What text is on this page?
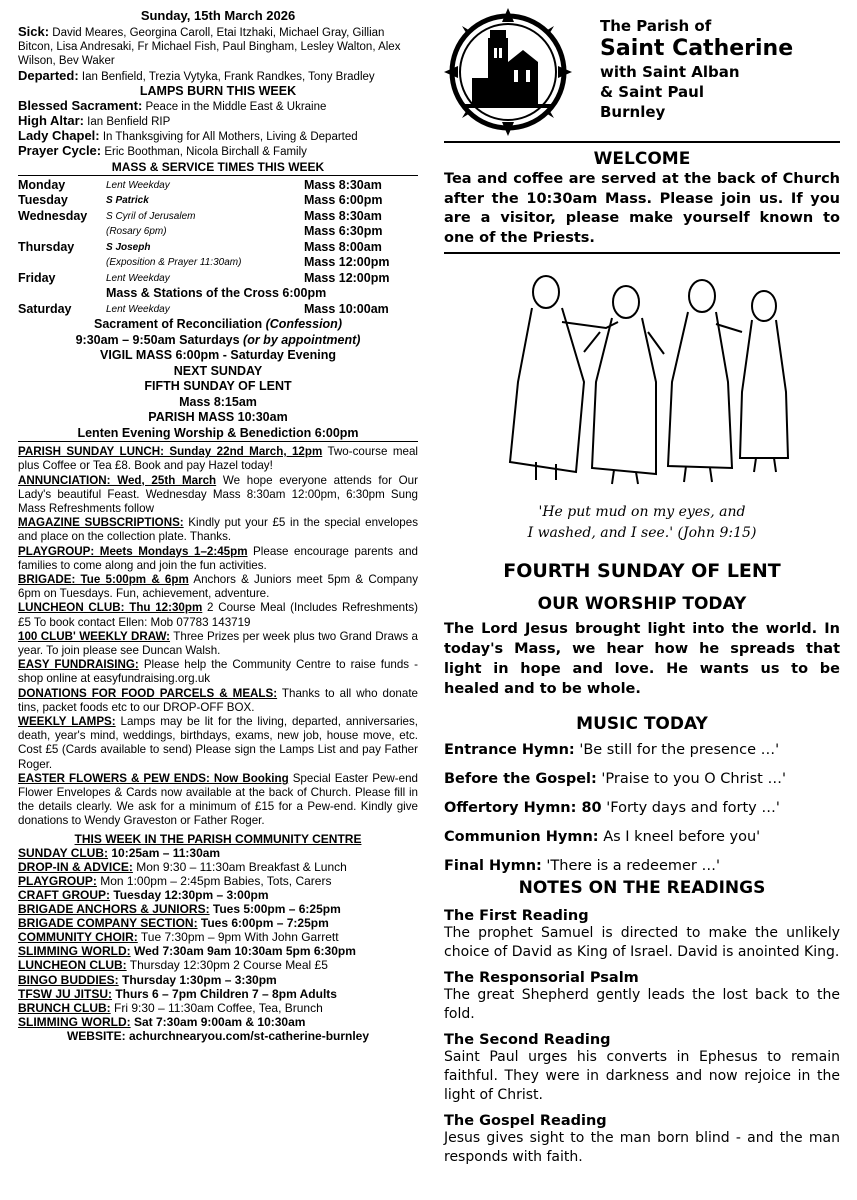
Sunday, 15th March 2026
Sick: David Meares, Georgina Caroll, Etai Itzhaki, Michael Gray, Gillian Bitcon, Lisa Andresaki, Fr Michael Fish, Paul Bingham, Lesley Walton, Alex Wilson, Bev Waker
Departed: Ian Benfield, Trezia Vytyka, Frank Randkes, Tony Bradley
LAMPS BURN THIS WEEK
Blessed Sacrament: Peace in the Middle East & Ukraine
High Altar: Ian Benfield RIP
Lady Chapel: In Thanksgiving for All Mothers, Living & Departed
Prayer Cycle: Eric Boothman, Nicola Birchall & Family
MASS & SERVICE TIMES THIS WEEK
Monday	Lent Weekday	Mass 8:30am
Tuesday	S Patrick	Mass 6:00pm
Wednesday	S Cyril of Jerusalem	Mass 8:30am
	(Rosary 6pm)	Mass 6:30pm
Thursday	S Joseph	Mass 8:00am
	(Exposition & Prayer 11:30am)	Mass 12:00pm
Friday	Lent Weekday	Mass 12:00pm
	Mass & Stations of the Cross 6:00pm	
Saturday	Lent Weekday	Mass 10:00am
Sacrament of Reconciliation (Confession)
9:30am – 9:50am Saturdays (or by appointment)
VIGIL MASS 6:00pm - Saturday Evening
NEXT SUNDAY
FIFTH SUNDAY OF LENT
Mass 8:15am
PARISH MASS 10:30am
Lenten Evening Worship & Benediction 6:00pm
PARISH SUNDAY LUNCH: Sunday 22nd March, 12pm Two-course meal plus Coffee or Tea £8. Book and pay Hazel today!
ANNUNCIATION: Wed, 25th March We hope everyone attends for Our Lady's beautiful Feast. Wednesday Mass 8:30am 12:00pm, 6:30pm Sung Mass Refreshments follow
MAGAZINE SUBSCRIPTIONS: Kindly put your £5 in the special envelopes and place on the collection plate. Thanks.
PLAYGROUP: Meets Mondays 1–2:45pm Please encourage parents and families to come along and join the fun activities.
BRIGADE: Tue 5:00pm & 6pm Anchors & Juniors meet 5pm & Company 6pm on Tuesdays. Fun, achievement, adventure.
LUNCHEON CLUB: Thu 12:30pm 2 Course Meal (Includes Refreshments) £5 To book contact Ellen: Mob 07783 143719
100 CLUB' WEEKLY DRAW: Three Prizes per week plus two Grand Draws a year. To join please see Duncan Walsh.
EASY FUNDRAISING: Please help the Community Centre to raise funds - shop online at easyfundraising.org.uk
DONATIONS FOR FOOD PARCELS & MEALS: Thanks to all who donate tins, packet foods etc to our DROP-OFF BOX.
WEEKLY LAMPS: Lamps may be lit for the living, departed, anniversaries, death, year's mind, weddings, birthdays, exams, new job, house move, etc. Cost £5 (Cards available to send) Please sign the Lamps List and pay Father Roger.
EASTER FLOWERS & PEW ENDS: Now Booking Special Easter Pew-end Flower Envelopes & Cards now available at the back of Church. Please fill in the details clearly. We ask for a minimum of £15 for a Pew-end. Kindly give donations to Wendy Graveston or Father Roger.
THIS WEEK IN THE PARISH COMMUNITY CENTRE
SUNDAY CLUB: 10:25am – 11:30am
DROP-IN & ADVICE: Mon 9:30 – 11:30am Breakfast & Lunch
PLAYGROUP: Mon 1:00pm – 2:45pm Babies, Tots, Carers
CRAFT GROUP: Tuesday 12:30pm – 3:00pm
BRIGADE ANCHORS & JUNIORS: Tues 5:00pm – 6:25pm
BRIGADE COMPANY SECTION: Tues 6:00pm – 7:25pm
COMMUNITY CHOIR: Tue 7:30pm – 9pm With John Garrett
SLIMMING WORLD: Wed 7:30am 9am 10:30am 5pm 6:30pm
LUNCHEON CLUB: Thursday 12:30pm 2 Course Meal £5
BINGO BUDDIES: Thursday 1:30pm – 3:30pm
TFSW JU JITSU: Thurs 6 – 7pm Children 7 – 8pm Adults
BRUNCH CLUB: Fri 9:30 – 11:30am Coffee, Tea, Brunch
SLIMMING WORLD: Sat 7:30am 9:00am & 10:30am
WEBSITE: achurchnearyou.com/st-catherine-burnley
The Parish of
Saint Catherine
with Saint Alban
& Saint Paul
Burnley
WELCOME
Tea and coffee are served at the back of Church after the 10:30am Mass. Please join us. If you are a visitor, please make yourself known to one of the Priests.
'He put mud on my eyes, and
I washed, and I see.' (John 9:15)
FOURTH SUNDAY OF LENT
OUR WORSHIP TODAY
The Lord Jesus brought light into the world. In today's Mass, we hear how he spreads that light in hope and love. He wants us to be healed and to be whole.
MUSIC TODAY
Entrance Hymn: 'Be still for the presence …'
Before the Gospel: 'Praise to you O Christ …'
Offertory Hymn: 80 'Forty days and forty …'
Communion Hymn: As I kneel before you'
Final Hymn: 'There is a redeemer …'
NOTES ON THE READINGS
The First Reading
The prophet Samuel is directed to make the unlikely choice of David as King of Israel. David is anointed King.
The Responsorial Psalm
The great Shepherd gently leads the lost back to the fold.
The Second Reading
Saint Paul urges his converts in Ephesus to remain faithful. They were in darkness and now rejoice in the light of Christ.
The Gospel Reading
Jesus gives sight to the man born blind - and the man responds with faith.
